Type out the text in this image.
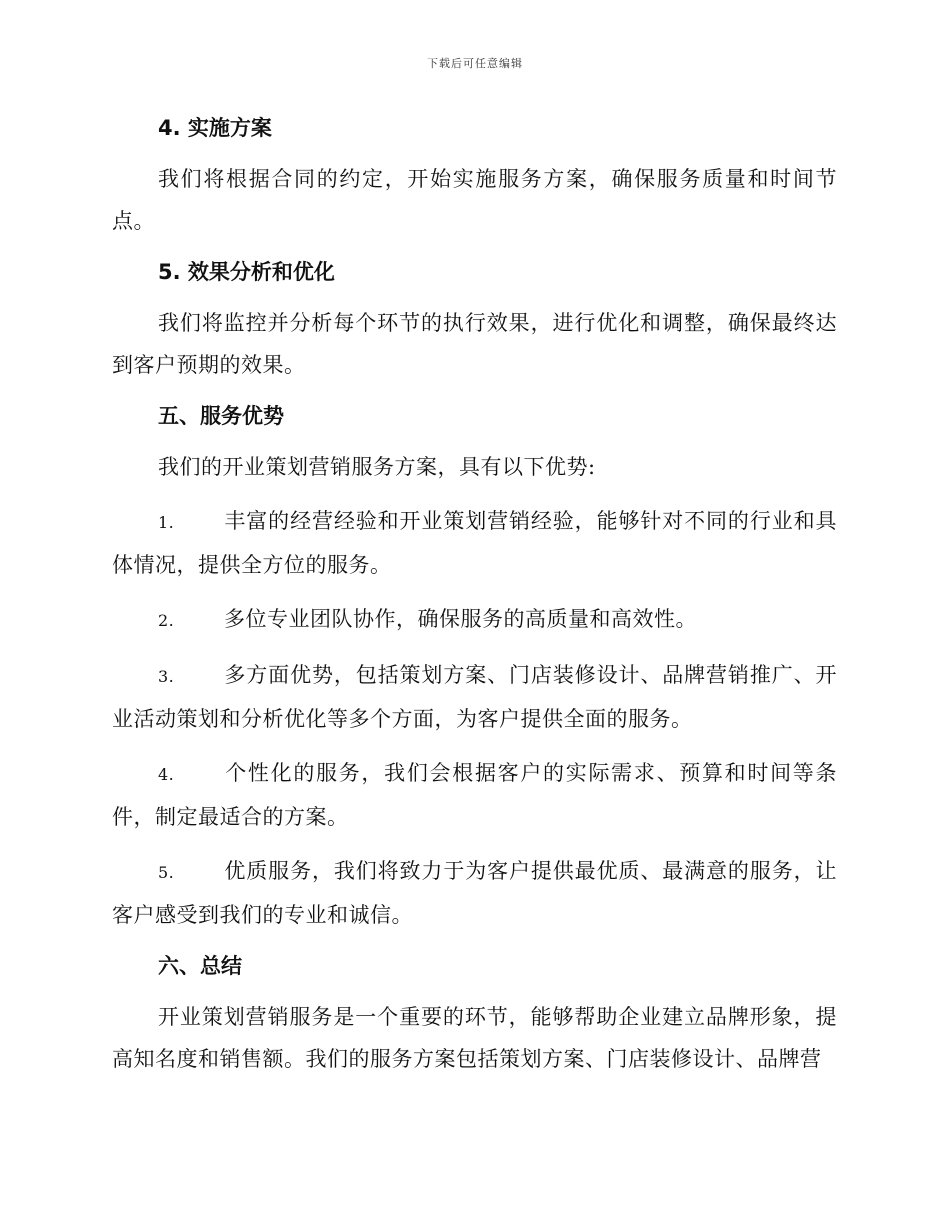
下载后可任意编辑
4. 实施方案

我们将根据合同的约定，开始实施服务方案，确保服务质量和时间节点。

5. 效果分析和优化

我们将监控并分析每个环节的执行效果，进行优化和调整，确保最终达到客户预期的效果。

五、服务优势

我们的开业策划营销服务方案，具有以下优势:

1. 丰富的经营经验和开业策划营销经验，能够针对不同的行业和具体情况，提供全方位的服务。

2. 多位专业团队协作，确保服务的高质量和高效性。

3. 多方面优势，包括策划方案、门店装修设计、品牌营销推广、开业活动策划和分析优化等多个方面，为客户提供全面的服务。

4. 个性化的服务，我们会根据客户的实际需求、预算和时间等条件，制定最适合的方案。

5. 优质服务，我们将致力于为客户提供最优质、最满意的服务，让客户感受到我们的专业和诚信。

六、总结

开业策划营销服务是一个重要的环节，能够帮助企业建立品牌形象，提高知名度和销售额。我们的服务方案包括策划方案、门店装修设计、品牌营
